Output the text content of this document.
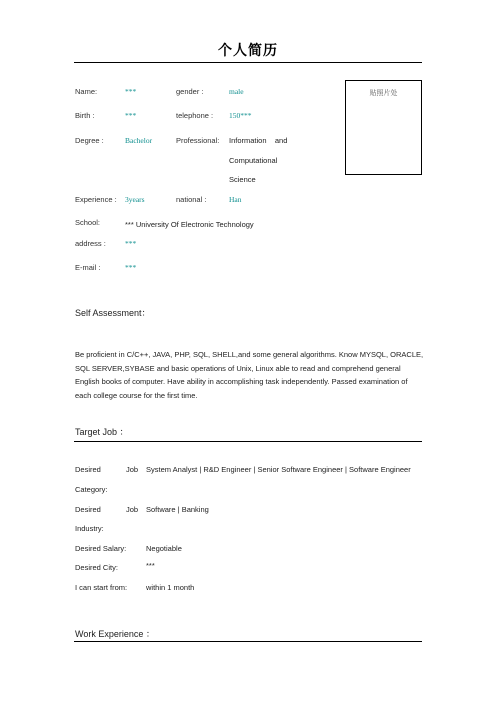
个人简历
贴照片处
Name:	***	gender :	male
Birth :	***	telephone : 150***
Degree :	Bachelor	Professional: Information    and
Computational
Science
Experience : 3years	national :	Han
School:	*** University Of Electronic Technology
address :	***
E-mail :	***
Self Assessment：
Be proficient in C/C++, JAVA, PHP, SQL, SHELL,and some general algorithms. Know MYSQL, ORACLE, SQL SERVER,SYBASE and basic operations of Unix, Linux able to read and comprehend general English books of computer. Have ability in accomplishing task independently. Passed examination of each college course for the first time.
Target Job ：
Desired	Job System Analyst | R&D Engineer | Senior Software Engineer | Software Engineer
Category:
Desired	Job Software | Banking
Industry:
Desired Salary:	Negotiable
Desired City:	***
I can start from:	within 1 month
Work Experience ：
